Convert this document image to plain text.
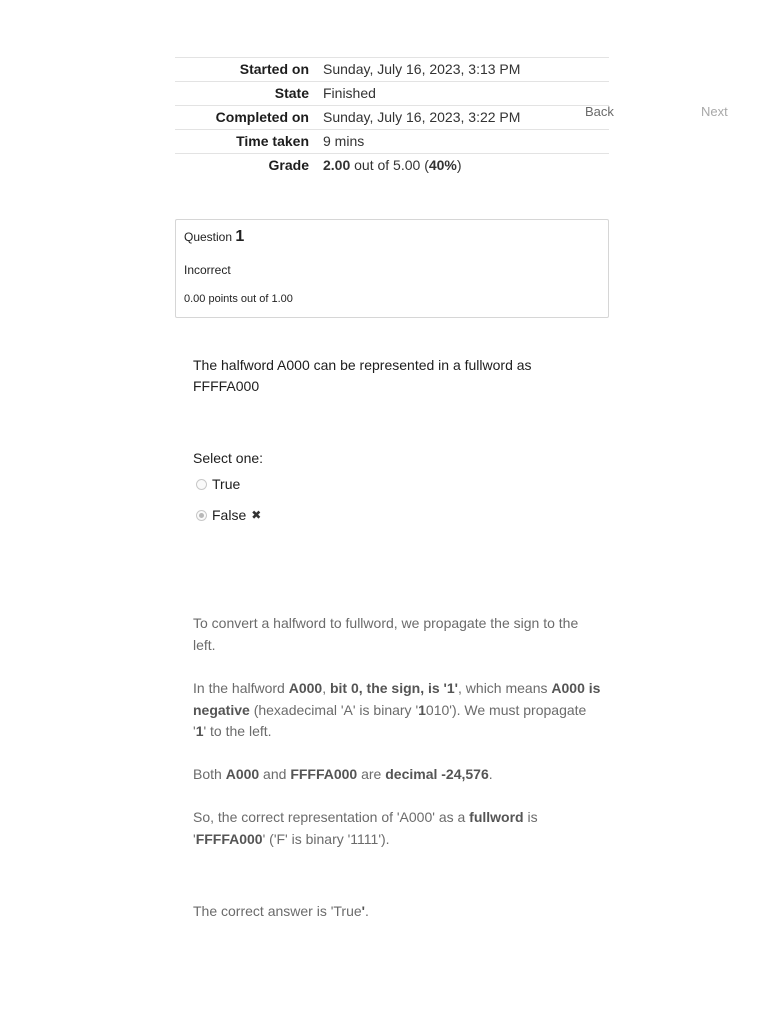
Started on	Sunday, July 16, 2023, 3:13 PM
State	Finished
Completed on	Sunday, July 16, 2023, 3:22 PM
Time taken	9 mins
Grade	2.00 out of 5.00 (40%)
Back	Next
Question 1
Incorrect
0.00 points out of 1.00
The halfword A000 can be represented in a fullword as
FFFFA000
Select one:
True
False ✖
To convert a halfword to fullword, we propagate the sign to the left.
In the halfword A000, bit 0, the sign, is '1', which means A000 is negative (hexadecimal 'A' is binary '1010'). We must propagate '1' to the left.
Both A000 and FFFFA000 are decimal -24,576.
So, the correct representation of 'A000' as a fullword is 'FFFFA000' ('F' is binary '1111').
The correct answer is 'True'.
